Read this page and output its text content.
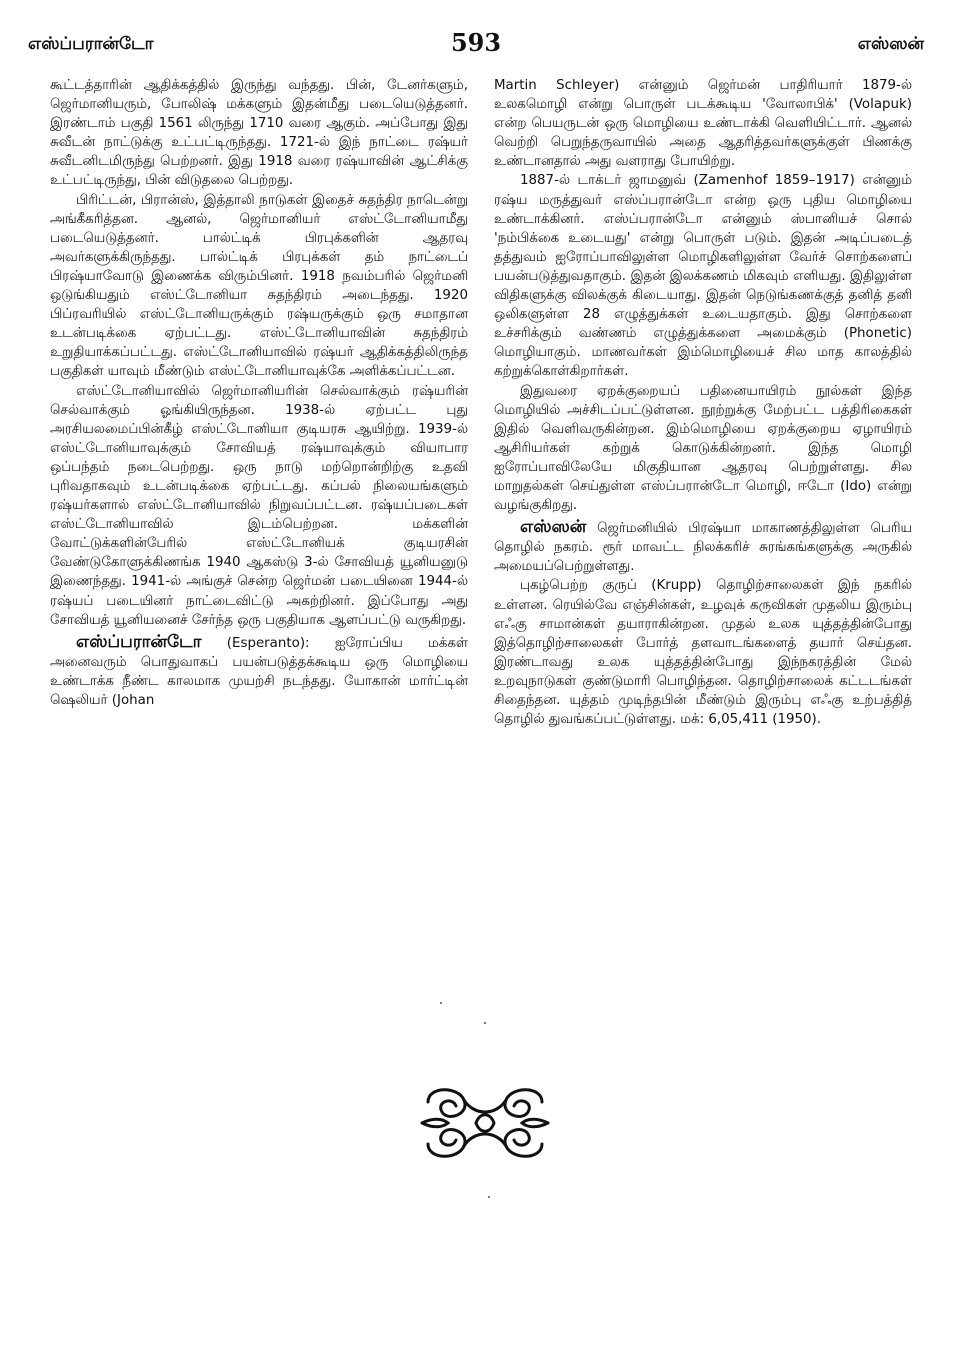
எஸ்ப்பரான்டோ	593	எஸ்ஸன்

கூட்டத்தாரின் ஆதிக்கத்தில் இருந்து வந்தது. பின், டேனர்களும், ஜெர்மானியரும், போலிஷ் மக்களும் இதன்மீது படையெடுத்தனர். இரண்டாம் பகுதி 1561 லிருந்து 1710 வரை ஆகும். அப்போது இது சுவீடன் நாட்டுக்கு உட்பட்டிருந்தது. 1721-ல் இந் நாட்டை ரஷ்யர் சுவீடனிடமிருந்து பெற்றனர். இது 1918 வரை ரஷ்யாவின் ஆட்சிக்கு உட்பட்டிருந்து, பின் விடுதலை பெற்றது.

பிரிட்டன், பிரான்ஸ், இத்தாலி நாடுகள் இதைச் சுதந்திர நாடென்று அங்கீகரித்தன. ஆனல், ஜெர்மானியர் எஸ்ட்டோனியாமீது படையெடுத்தனர். பால்ட்டிக் பிரபுக்களின் ஆதரவு அவர்களுக்கிருந்தது. பால்ட்டிக் பிரபுக்கள் தம் நாட்டைப் பிரஷ்யாவோடு இணைக்க விரும்பினர். 1918 நவம்பரில் ஜெர்மனி ஒடுங்கியதும் எஸ்ட்டோனியா சுதந்திரம் அடைந்தது. 1920 பிப்ரவரியில் எஸ்ட்டோனியருக்கும் ரஷ்யருக்கும் ஒரு சமாதான உடன்படிக்கை ஏற்பட்டது. எஸ்ட்டோனியாவின் சுதந்திரம் உறுதியாக்கப்பட்டது. எஸ்ட்டோனியாவில் ரஷ்யர் ஆதிக்கத்திலிருந்த பகுதிகள் யாவும் மீண்டும் எஸ்ட்டோனியாவுக்கே அளிக்கப்பட்டன.

எஸ்ட்டோனியாவில் ஜெர்மானியரின் செல்வாக்கும் ரஷ்யரின் செல்வாக்கும் ஓங்கியிருந்தன. 1938-ல் ஏற்பட்ட புது அரசியலமைப்பின்கீழ் எஸ்ட்டோனியா குடியரசு ஆயிற்று. 1939-ல் எஸ்ட்டோனியாவுக்கும் சோவியத் ரஷ்யாவுக்கும் வியாபார ஒப்பந்தம் நடைபெற்றது. ஒரு நாடு மற்றொன்றிற்கு உதவி புரிவதாகவும் உடன்படிக்கை ஏற்பட்டது. கப்பல் நிலையங்களும் ரஷ்யர்களால் எஸ்ட்டோனியாவில் நிறுவப்பட்டன. ரஷ்யப்படைகள் எஸ்ட்டோனியாவில் இடம்பெற்றன. மக்களின் வோட்டுக்களின்பேரில் எஸ்ட்டோனியக் குடியரசின் வேண்டுகோளுக்கிணங்க 1940 ஆகஸ்டு 3-ல் சோவியத் யூனியனுடு இணைந்தது. 1941-ல் அங்குச் சென்ற ஜெர்மன் படையினை 1944-ல் ரஷ்யப் படையினர் நாட்டைவிட்டு அகற்றினர். இப்போது அது சோவியத் யூனியனைச் சேர்ந்த ஒரு பகுதியாக ஆளப்பட்டு வருகிறது.

எஸ்ப்பரான்டோ (Esperanto): ஐரோப்பிய மக்கள் அனைவரும் பொதுவாகப் பயன்படுத்தக்கூடிய ஒரு மொழியை உண்டாக்க நீண்ட காலமாக முயற்சி நடந்தது. யோகான் மார்ட்டின் ஷெலியர் (Johan

Martin Schleyer) என்னும் ஜெர்மன் பாதிரியார் 1879-ல் உலகமொழி என்று பொருள் படக்கூடிய 'வோலாபிக்' (Volapuk) என்ற பெயருடன் ஒரு மொழியை உண்டாக்கி வெளியிட்டார். ஆனல் வெற்றி பெறுந்தருவாயில் அதை ஆதரித்தவர்களுக்குள் பிணக்கு உண்டானதால் அது வளராது போயிற்று.

1887-ல் டாக்டர் ஜாமனுவ் (Zamenhof 1859–1917) என்னும் ரஷ்ய மருத்துவர் எஸ்ப்பரான்டோ என்ற ஒரு புதிய மொழியை உண்டாக்கினர். எஸ்ப்பரான்டோ என்னும் ஸ்பானியச் சொல் 'நம்பிக்கை உடையது' என்று பொருள் படும். இதன் அடிப்படைத் தத்துவம் ஐரோப்பாவிலுள்ள மொழிகளிலுள்ள வேர்ச் சொற்களைப் பயன்படுத்துவதாகும். இதன் இலக்கணம் மிகவும் எளியது. இதிலுள்ள விதிகளுக்கு விலக்குக் கிடையாது. இதன் நெடுங்கணக்குத் தனித் தனி ஒலிகளுள்ள 28 எழுத்துக்கள் உடையதாகும். இது சொற்களை உச்சரிக்கும் வண்ணம் எழுத்துக்களை அமைக்கும் (Phonetic) மொழியாகும். மாணவர்கள் இம்மொழியைச் சில மாத காலத்தில் கற்றுக்கொள்கிறார்கள்.

இதுவரை ஏறக்குறையப் பதினையாயிரம் நூல்கள் இந்த மொழியில் அச்சிடப்பட்டுள்ளன. நூற்றுக்கு மேற்பட்ட பத்திரிகைகள் இதில் வெளிவருகின்றன. இம்மொழியை ஏறக்குறைய ஏழாயிரம் ஆசிரியர்கள் கற்றுக் கொடுக்கின்றனர். இந்த மொழி ஐரோப்பாவிலேயே மிகுதியான ஆதரவு பெற்றுள்ளது. சில மாறுதல்கள் செய்துள்ள எஸ்ப்பரான்டோ மொழி, ஈடோ (Ido) என்று வழங்குகிறது.

எஸ்ஸன் ஜெர்மனியில் பிரஷ்யா மாகாணத்திலுள்ள பெரிய தொழில் நகரம். ரூர் மாவட்ட நிலக்கரிச் சுரங்கங்களுக்கு அருகில் அமையப்பெற்றுள்ளது.

புகழ்பெற்ற குருப் (Krupp) தொழிற்சாலைகள் இந் நகரில் உள்ளன. ரெயில்வே எஞ்சின்கள், உழவுக் கருவிகள் முதலிய இரும்பு எஃகு சாமான்கள் தயாராகின்றன. முதல் உலக யுத்தத்தின்போது இத்தொழிற்சாலைகள் போர்த் தளவாடங்களைத் தயார் செய்தன. இரண்டாவது உலக யுத்தத்தின்போது இந்நகரத்தின் மேல் உறவுநாடுகள் குண்டுமாரி பொழிந்தன. தொழிற்சாலைக் கட்டடங்கள் சிதைந்தன. யுத்தம் முடிந்தபின் மீண்டும் இரும்பு எஃகு உற்பத்தித் தொழில் துவங்கப்பட்டுள்ளது. மக்: 6,05,411 (1950).
